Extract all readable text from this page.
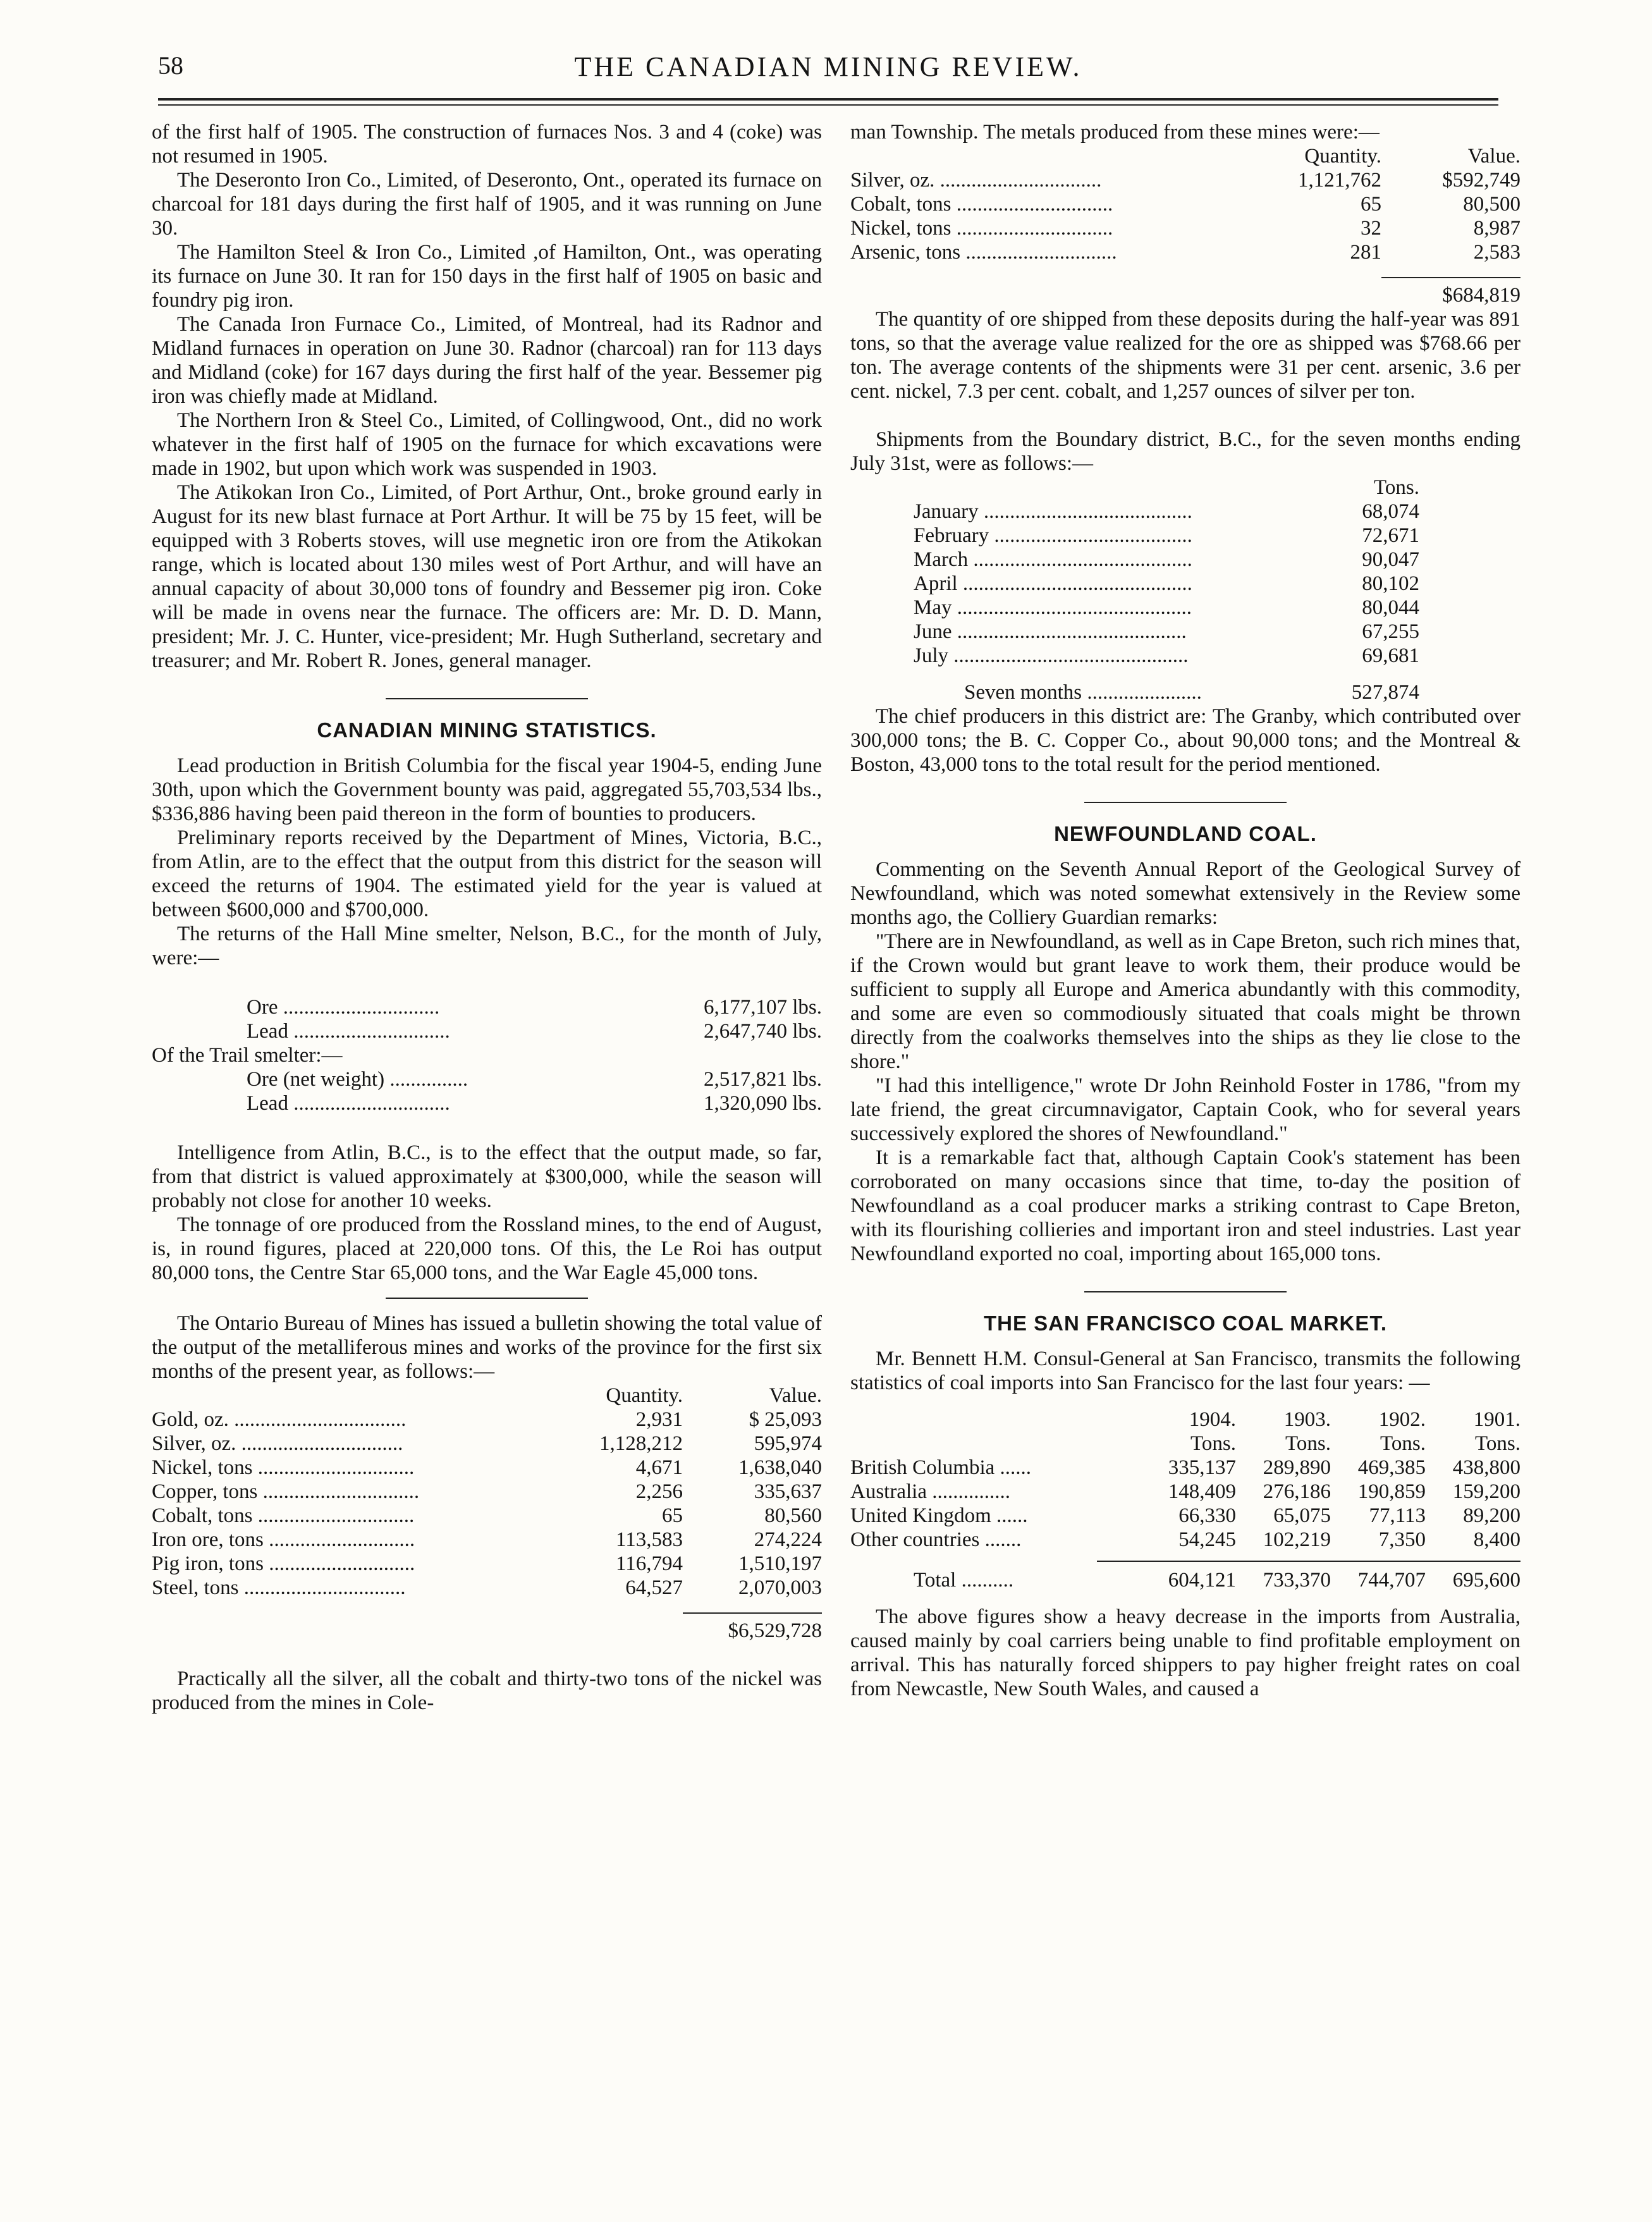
58	THE CANADIAN MINING REVIEW.

of the first half of 1905. The construction of furnaces Nos. 3 and 4 (coke) was not resumed in 1905.

The Deseronto Iron Co., Limited, of Deseronto, Ont., operated its furnace on charcoal for 181 days during the first half of 1905, and it was running on June 30.

The Hamilton Steel & Iron Co., Limited ,of Hamilton, Ont., was operating its furnace on June 30. It ran for 150 days in the first half of 1905 on basic and foundry pig iron.

The Canada Iron Furnace Co., Limited, of Montreal, had its Radnor and Midland furnaces in operation on June 30. Radnor (charcoal) ran for 113 days and Midland (coke) for 167 days during the first half of the year. Bessemer pig iron was chiefly made at Midland.

The Northern Iron & Steel Co., Limited, of Collingwood, Ont., did no work whatever in the first half of 1905 on the furnace for which excavations were made in 1902, but upon which work was suspended in 1903.

The Atikokan Iron Co., Limited, of Port Arthur, Ont., broke ground early in August for its new blast furnace at Port Arthur. It will be 75 by 15 feet, will be equipped with 3 Roberts stoves, will use megnetic iron ore from the Atikokan range, which is located about 130 miles west of Port Arthur, and will have an annual capacity of about 30,000 tons of foundry and Bessemer pig iron. Coke will be made in ovens near the furnace. The officers are: Mr. D. D. Mann, president; Mr. J. C. Hunter, vice-president; Mr. Hugh Sutherland, secretary and treasurer; and Mr. Robert R. Jones, general manager.

CANADIAN MINING STATISTICS.

Lead production in British Columbia for the fiscal year 1904-5, ending June 30th, upon which the Government bounty was paid, aggregated 55,703,534 lbs., $336,886 having been paid thereon in the form of bounties to producers.

Preliminary reports received by the Department of Mines, Victoria, B.C., from Atlin, are to the effect that the output from this district for the season will exceed the returns of 1904. The estimated yield for the year is valued at between $600,000 and $700,000.

The returns of the Hall Mine smelter, Nelson, B.C., for the month of July, were:—

Ore ..............................	6,177,107 lbs.
Lead ..............................	2,647,740 lbs.
Of the Trail smelter:—
Ore (net weight) ...............	2,517,821 lbs.
Lead ..............................	1,320,090 lbs.

Intelligence from Atlin, B.C., is to the effect that the output made, so far, from that district is valued approximately at $300,000, while the season will probably not close for another 10 weeks.

The tonnage of ore produced from the Rossland mines, to the end of August, is, in round figures, placed at 220,000 tons. Of this, the Le Roi has output 80,000 tons, the Centre Star 65,000 tons, and the War Eagle 45,000 tons.

The Ontario Bureau of Mines has issued a bulletin showing the total value of the output of the metalliferous mines and works of the province for the first six months of the present year, as follows:—

Quantity.	Value.
Gold, oz. .................................	2,931	$ 25,093
Silver, oz. ...............................	1,128,212	595,974
Nickel, tons ..............................	4,671	1,638,040
Copper, tons ..............................	2,256	335,637
Cobalt, tons ..............................	65	80,560
Iron ore, tons ............................	113,583	274,224
Pig iron, tons ............................	116,794	1,510,197
Steel, tons ...............................	64,527	2,070,003
$6,529,728

Practically all the silver, all the cobalt and thirty-two tons of the nickel was produced from the mines in Cole-

man Township. The metals produced from these mines were:—

Quantity.	Value.
Silver, oz. ...............................	1,121,762	$592,749
Cobalt, tons ..............................	65	80,500
Nickel, tons ..............................	32	8,987
Arsenic, tons .............................	281	2,583
$684,819

The quantity of ore shipped from these deposits during the half-year was 891 tons, so that the average value realized for the ore as shipped was $768.66 per ton. The average contents of the shipments were 31 per cent. arsenic, 3.6 per cent. nickel, 7.3 per cent. cobalt, and 1,257 ounces of silver per ton.

Shipments from the Boundary district, B.C., for the seven months ending July 31st, were as follows:—

Tons.
January ........................................	68,074
February ......................................	72,671
March ..........................................	90,047
April ............................................	80,102
May .............................................	80,044
June ............................................	67,255
July .............................................	69,681
Seven months ......................	527,874

The chief producers in this district are: The Granby, which contributed over 300,000 tons; the B. C. Copper Co., about 90,000 tons; and the Montreal & Boston, 43,000 tons to the total result for the period mentioned.

NEWFOUNDLAND COAL.

Commenting on the Seventh Annual Report of the Geological Survey of Newfoundland, which was noted somewhat extensively in the Review some months ago, the Colliery Guardian remarks:

"There are in Newfoundland, as well as in Cape Breton, such rich mines that, if the Crown would but grant leave to work them, their produce would be sufficient to supply all Europe and America abundantly with this commodity, and some are even so commodiously situated that coals might be thrown directly from the coalworks themselves into the ships as they lie close to the shore."

"I had this intelligence," wrote Dr John Reinhold Foster in 1786, "from my late friend, the great circumnavigator, Captain Cook, who for several years successively explored the shores of Newfoundland."

It is a remarkable fact that, although Captain Cook's statement has been corroborated on many occasions since that time, to-day the position of Newfoundland as a coal producer marks a striking contrast to Cape Breton, with its flourishing collieries and important iron and steel industries. Last year Newfoundland exported no coal, importing about 165,000 tons.

THE SAN FRANCISCO COAL MARKET.

Mr. Bennett H.M. Consul-General at San Francisco, transmits the following statistics of coal imports into San Francisco for the last four years: —

1904.	1903.	1902.	1901.
Tons.	Tons.	Tons.	Tons.
British Columbia ......	335,137	289,890	469,385	438,800
Australia ...............	148,409	276,186	190,859	159,200
United Kingdom ......	66,330	65,075	77,113	89,200
Other countries .......	54,245	102,219	7,350	8,400
Total ..........	604,121	733,370	744,707	695,600

The above figures show a heavy decrease in the imports from Australia, caused mainly by coal carriers being unable to find profitable employment on arrival. This has naturally forced shippers to pay higher freight rates on coal from Newcastle, New South Wales, and caused a
